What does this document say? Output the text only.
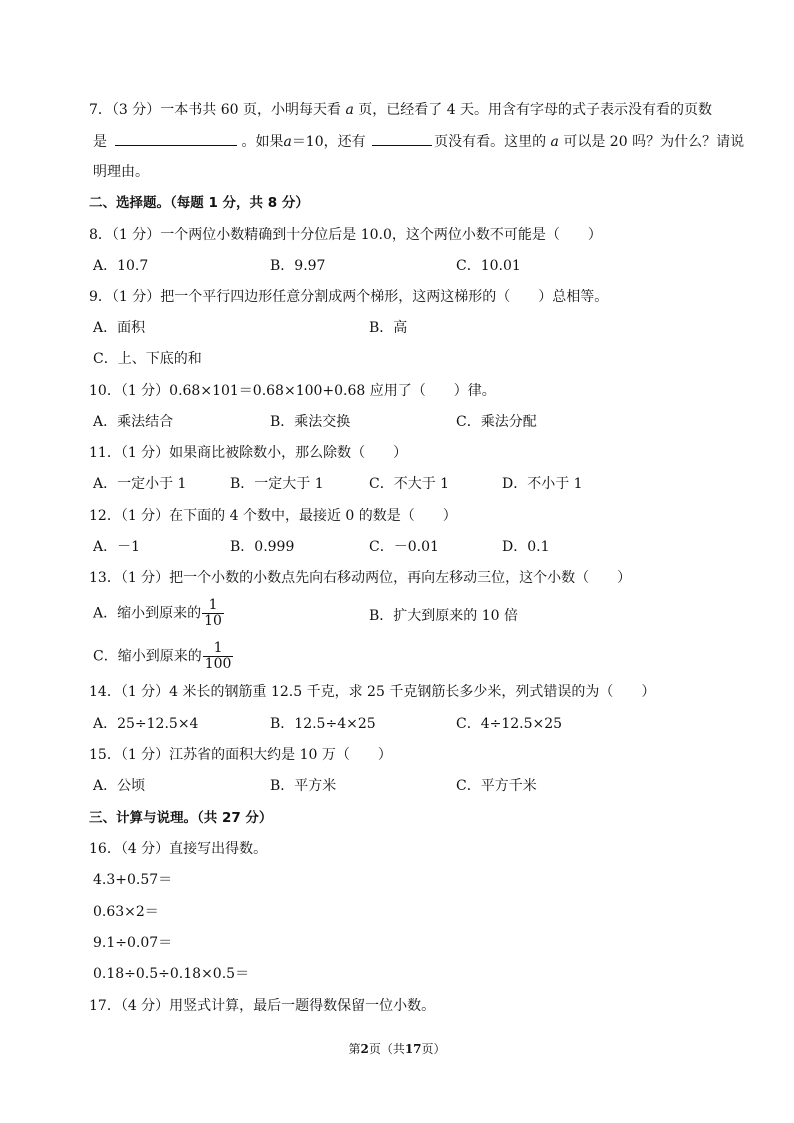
7．（3 分）一本书共 60 页，小明每天看 a 页，已经看了 4 天。用含有字母的式子表示没有看的页数
是	。如果a＝10，还有	页没有看。这里的 a 可以是 20 吗？为什么？请说
明理由。
二、选择题。（每题 1 分，共 8 分）
8．（1 分）一个两位小数精确到十分位后是 10.0，这个两位小数不可能是（　　）
A．10.7	B．9.97	C．10.01
9．（1 分）把一个平行四边形任意分割成两个梯形，这两这梯形的（　　）总相等。
A．面积	B．高
C．上、下底的和
10．（1 分）0.68×101＝0.68×100+0.68 应用了（　　）律。
A．乘法结合	B．乘法交换	C．乘法分配
11．（1 分）如果商比被除数小，那么除数（　　）
A．一定小于 1	B．一定大于 1	C．不大于 1	D．不小于 1
12．（1 分）在下面的 4 个数中，最接近 0 的数是（　　）
A．－1	B．0.999	C．－0.01	D．0.1
13．（1 分）把一个小数的小数点先向右移动两位，再向左移动三位，这个小数（　　）
A．缩小到原来的 $\frac{1}{10}$	B．扩大到原来的 10 倍
C．缩小到原来的 $\frac{1}{100}$
14．（1 分）4 米长的钢筋重 12.5 千克，求 25 千克钢筋长多少米，列式错误的为（　　）
A．25÷12.5×4	B．12.5÷4×25	C．4÷12.5×25
15．（1 分）江苏省的面积大约是 10 万（　　）
A．公顷	B．平方米	C．平方千米
三、计算与说理。（共 27 分）
16．（4 分）直接写出得数。
4.3+0.57＝
0.63×2＝
9.1÷0.07＝
0.18÷0.5÷0.18×0.5＝
17．（4 分）用竖式计算，最后一题得数保留一位小数。
第2页（共17页）
